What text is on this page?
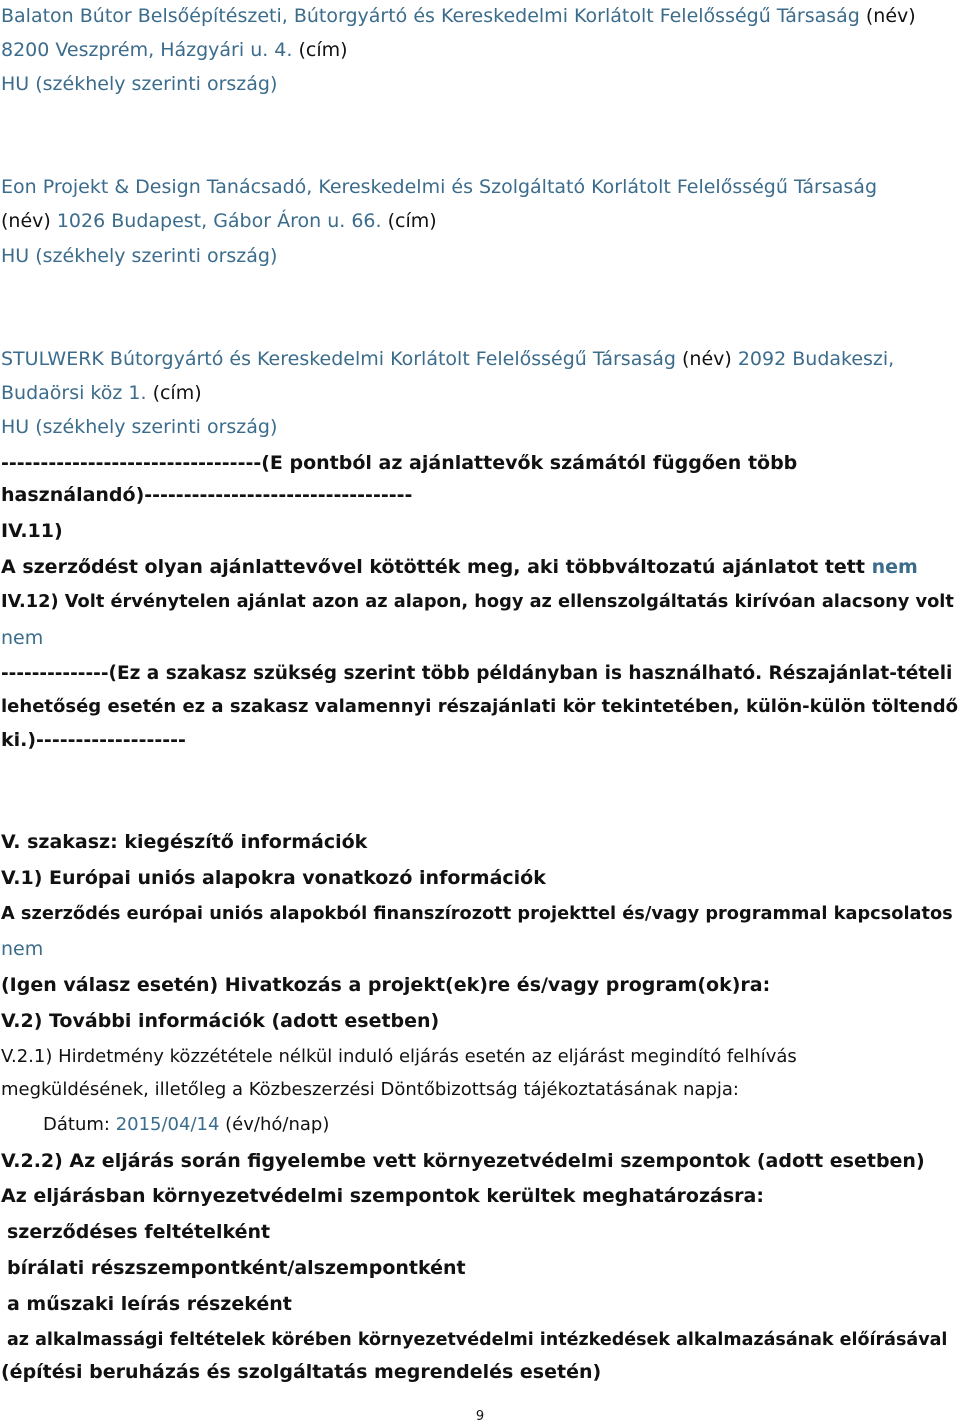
Balaton Bútor Belsőépítészeti, Bútorgyártó és Kereskedelmi Korlátolt Felelősségű Társaság (név)
8200 Veszprém, Házgyári u. 4. (cím)
HU (székhely szerinti ország)
Eon Projekt & Design Tanácsadó, Kereskedelmi és Szolgáltató Korlátolt Felelősségű Társaság
(név) 1026 Budapest, Gábor Áron u. 66. (cím)
HU (székhely szerinti ország)
STULWERK Bútorgyártó és Kereskedelmi Korlátolt Felelősségű Társaság (név) 2092 Budakeszi,
Budaörsi köz 1. (cím)
HU (székhely szerinti ország)
---------------------------------(E pontból az ajánlattevők számától függően több
használandó)----------------------------------
IV.11)
A szerződést olyan ajánlattevővel kötötték meg, aki többváltozatú ajánlatot tett nem
IV.12) Volt érvénytelen ajánlat azon az alapon, hogy az ellenszolgáltatás kirívóan alacsony volt
nem
--------------(Ez a szakasz szükség szerint több példányban is használható. Részajánlat-tételi
lehetőség esetén ez a szakasz valamennyi részajánlati kör tekintetében, külön-külön töltendő
ki.)-------------------
V. szakasz: kiegészítő információk
V.1) Európai uniós alapokra vonatkozó információk
A szerződés európai uniós alapokból finanszírozott projekttel és/vagy programmal kapcsolatos
nem
(Igen válasz esetén) Hivatkozás a projekt(ek)re és/vagy program(ok)ra:
V.2) További információk (adott esetben)
V.2.1) Hirdetmény közzététele nélkül induló eljárás esetén az eljárást megindító felhívás
megküldésének, illetőleg a Közbeszerzési Döntőbizottság tájékoztatásának napja:
Dátum: 2015/04/14 (év/hó/nap)
V.2.2) Az eljárás során figyelembe vett környezetvédelmi szempontok (adott esetben)
Az eljárásban környezetvédelmi szempontok kerültek meghatározásra:
szerződéses feltételként
bírálati részszempontként/alszempontként
a műszaki leírás részeként
az alkalmassági feltételek körében környezetvédelmi intézkedések alkalmazásának előírásával
(építési beruházás és szolgáltatás megrendelés esetén)
9
